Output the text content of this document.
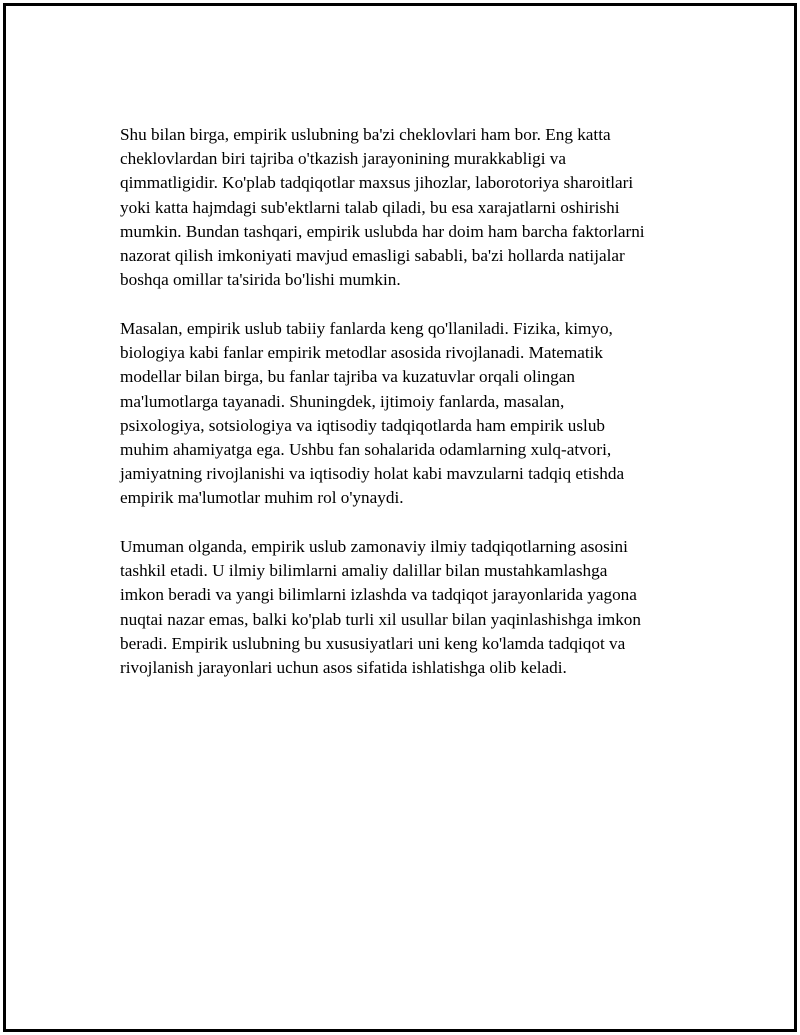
Shu bilan birga, empirik uslubning ba'zi cheklovlari ham bor. Eng katta
cheklovlardan biri tajriba o'tkazish jarayonining murakkabligi va
qimmatligidir. Ko'plab tadqiqotlar maxsus jihozlar, laborotoriya sharoitlari
yoki katta hajmdagi sub'ektlarni talab qiladi, bu esa xarajatlarni oshirishi
mumkin. Bundan tashqari, empirik uslubda har doim ham barcha faktorlarni
nazorat qilish imkoniyati mavjud emasligi sababli, ba'zi hollarda natijalar
boshqa omillar ta'sirida bo'lishi mumkin.

Masalan, empirik uslub tabiiy fanlarda keng qo'llaniladi. Fizika, kimyo,
biologiya kabi fanlar empirik metodlar asosida rivojlanadi. Matematik
modellar bilan birga, bu fanlar tajriba va kuzatuvlar orqali olingan
ma'lumotlarga tayanadi. Shuningdek, ijtimoiy fanlarda, masalan,
psixologiya, sotsiologiya va iqtisodiy tadqiqotlarda ham empirik uslub
muhim ahamiyatga ega. Ushbu fan sohalarida odamlarning xulq-atvori,
jamiyatning rivojlanishi va iqtisodiy holat kabi mavzularni tadqiq etishda
empirik ma'lumotlar muhim rol o'ynaydi.

Umuman olganda, empirik uslub zamonaviy ilmiy tadqiqotlarning asosini
tashkil etadi. U ilmiy bilimlarni amaliy dalillar bilan mustahkamlashga
imkon beradi va yangi bilimlarni izlashda va tadqiqot jarayonlarida yagona
nuqtai nazar emas, balki ko'plab turli xil usullar bilan yaqinlashishga imkon
beradi. Empirik uslubning bu xususiyatlari uni keng ko'lamda tadqiqot va
rivojlanish jarayonlari uchun asos sifatida ishlatishga olib keladi.
